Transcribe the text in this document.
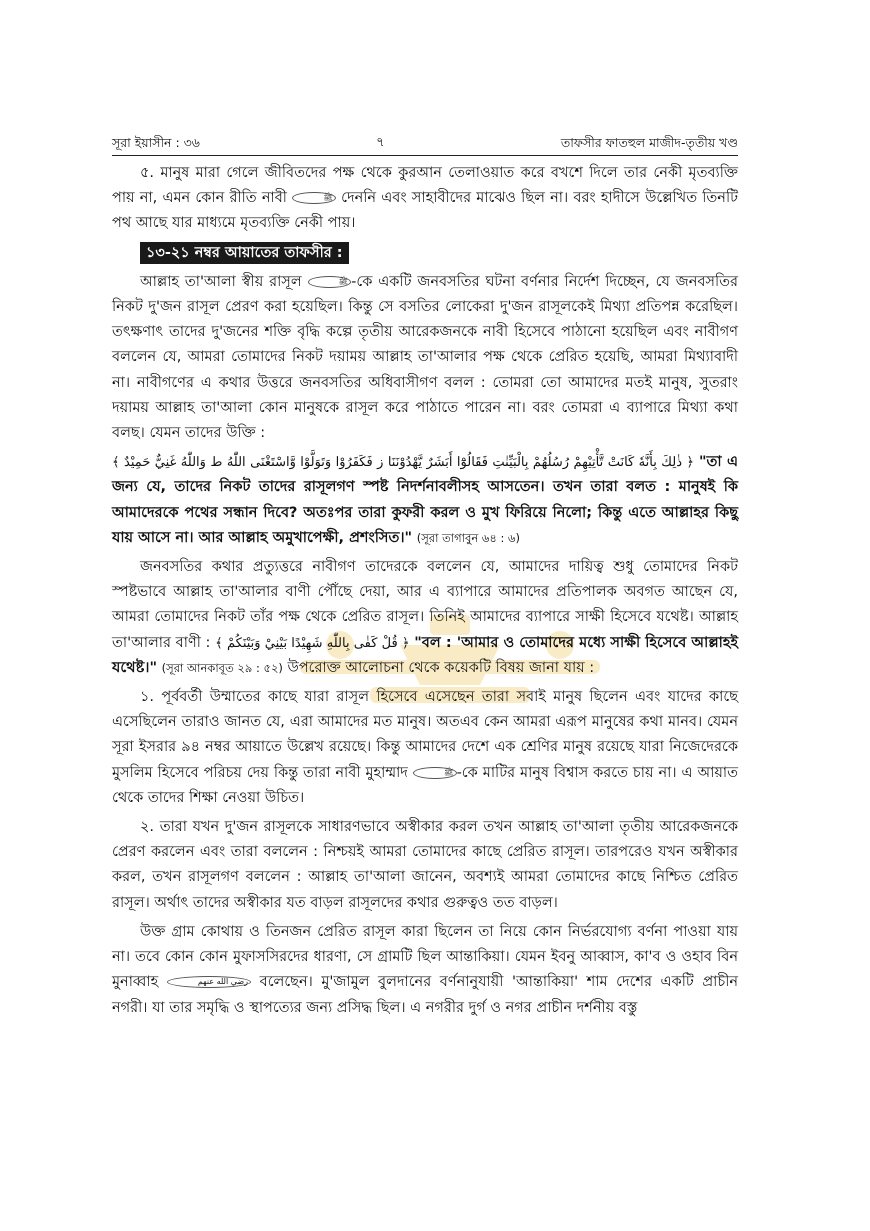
সূরা ইয়াসীন : ৩৬	৭	তাফসীর ফাতহুল মাজীদ-তৃতীয় খণ্ড

৫. মানুষ মারা গেলে জীবিতদের পক্ষ থেকে কুরআন তেলাওয়াত করে বখশে দিলে তার নেকী মৃতব্যক্তি পায় না, এমন কোন রীতি নাবী	ﷺ দেননি এবং সাহাবীদের মাঝেও ছিল না। বরং হাদীসে উল্লেখিত তিনটি পথ আছে যার মাধ্যমে মৃতব্যক্তি নেকী পায়।

১৩-২১ নম্বর আয়াতের তাফসীর :

আল্লাহ তা'আলা স্বীয় রাসূল	ﷺ -কে একটি জনবসতির ঘটনা বর্ণনার নির্দেশ দিচ্ছেন, যে জনবসতির নিকট দু'জন রাসূল প্রেরণ করা হয়েছিল। কিন্তু সে বসতির লোকেরা দু'জন রাসূলকেই মিথ্যা প্রতিপন্ন করেছিল। তৎক্ষণাৎ তাদের দু'জনের শক্তি বৃদ্ধি কল্পে তৃতীয় আরেকজনকে নাবী হিসেবে পাঠানো হয়েছিল এবং নাবীগণ বললেন যে, আমরা তোমাদের নিকট দয়াময় আল্লাহ তা'আলার পক্ষ থেকে প্রেরিত হয়েছি, আমরা মিথ্যাবাদী না। নাবীগণের এ কথার উত্তরে জনবসতির অধিবাসীগণ বলল : তোমরা তো আমাদের মতই মানুষ, সুতরাং দয়াময় আল্লাহ তা'আলা কোন মানুষকে রাসূল করে পাঠাতে পারেন না। বরং তোমরা এ ব্যাপারে মিথ্যা কথা বলছ। যেমন তাদের উক্তি :

﴿ ذٰلِكَ بِأَنَّهٗ كَانَتْ تَّأْتِيْهِمْ رُسُلُهُمْ بِالْبَيِّنٰتِ فَقَالُوْٓا أَبَشَرٌ يَّهْدُوْنَنَا ز فَكَفَرُوْا وَتَوَلَّوْا وَّاسْتَغْنَى اللّٰهُ ط وَاللّٰهُ غَنِيٌّ حَمِيْدٌ ﴾ "তা এ জন্য যে, তাদের নিকট তাদের রাসূলগণ স্পষ্ট নিদর্শনাবলীসহ আসতেন। তখন তারা বলত : মানুষই কি আমাদেরকে পথের সন্ধান দিবে? অতঃপর তারা কুফরী করল ও মুখ ফিরিয়ে নিলো; কিন্তু এতে আল্লাহর কিছু যায় আসে না। আর আল্লাহ অমুখাপেক্ষী, প্রশংসিত।" (সূরা তাগাবুন ৬৪ : ৬)

জনবসতির কথার প্রত্যুত্তরে নাবীগণ তাদেরকে বললেন যে, আমাদের দায়িত্ব শুধু তোমাদের নিকট স্পষ্টভাবে আল্লাহ তা'আলার বাণী পৌঁছে দেয়া, আর এ ব্যাপারে আমাদের প্রতিপালক অবগত আছেন যে, আমরা তোমাদের নিকট তাঁর পক্ষ থেকে প্রেরিত রাসূল। তিনিই আমাদের ব্যাপারে সাক্ষী হিসেবে যথেষ্ট। আল্লাহ তা'আলার বাণী : ﴿ قُلْ كَفٰى بِاللّٰهِ شَهِيْدًا بَيْنِيْ وَبَيْنَكُمْ ﴾ "বল : 'আমার ও তোমাদের মধ্যে সাক্ষী হিসেবে আল্লাহই যথেষ্ট।" (সূরা আনকাবূত ২৯ : ৫২) উপরোক্ত আলোচনা থেকে কয়েকটি বিষয় জানা যায় :

১. পূর্ববর্তী উম্মাতের কাছে যারা রাসূল হিসেবে এসেছেন তারা সবাই মানুষ ছিলেন এবং যাদের কাছে এসেছিলেন তারাও জানত যে, এরা আমাদের মত মানুষ। অতএব কেন আমরা এরূপ মানুষের কথা মানব। যেমন সূরা ইসরার ৯৪ নম্বর আয়াতে উল্লেখ রয়েছে। কিন্তু আমাদের দেশে এক শ্রেণির মানুষ রয়েছে যারা নিজেদেরকে মুসলিম হিসেবে পরিচয় দেয় কিন্তু তারা নাবী মুহাম্মাদ	ﷺ -কে মাটির মানুষ বিশ্বাস করতে চায় না। এ আয়াত থেকে তাদের শিক্ষা নেওয়া উচিত।

২. তারা যখন দু'জন রাসূলকে সাধারণভাবে অস্বীকার করল তখন আল্লাহ তা'আলা তৃতীয় আরেকজনকে প্রেরণ করলেন এবং তারা বললেন : নিশ্চয়ই আমরা তোমাদের কাছে প্রেরিত রাসূল। তারপরেও যখন অস্বীকার করল, তখন রাসূলগণ বললেন : আল্লাহ তা'আলা জানেন, অবশ্যই আমরা তোমাদের কাছে নিশ্চিত প্রেরিত রাসূল। অর্থাৎ তাদের অস্বীকার যত বাড়ল রাসূলদের কথার গুরুত্বও তত বাড়ল।

উক্ত গ্রাম কোথায় ও তিনজন প্রেরিত রাসূল কারা ছিলেন তা নিয়ে কোন নির্ভরযোগ্য বর্ণনা পাওয়া যায় না। তবে কোন কোন মুফাসসিরদের ধারণা, সে গ্রামটি ছিল আন্তাকিয়া। যেমন ইবনু আব্বাস, কা'ব ও ওহাব বিন মুনাব্বাহ	رضي الله عنهم বলেছেন। মু'জামুল বুলদানের বর্ণনানুযায়ী 'আন্তাকিয়া' শাম দেশের একটি প্রাচীন নগরী। যা তার সমৃদ্ধি ও স্থাপত্যের জন্য প্রসিদ্ধ ছিল। এ নগরীর দুর্গ ও নগর প্রাচীন দর্শনীয় বস্তু
